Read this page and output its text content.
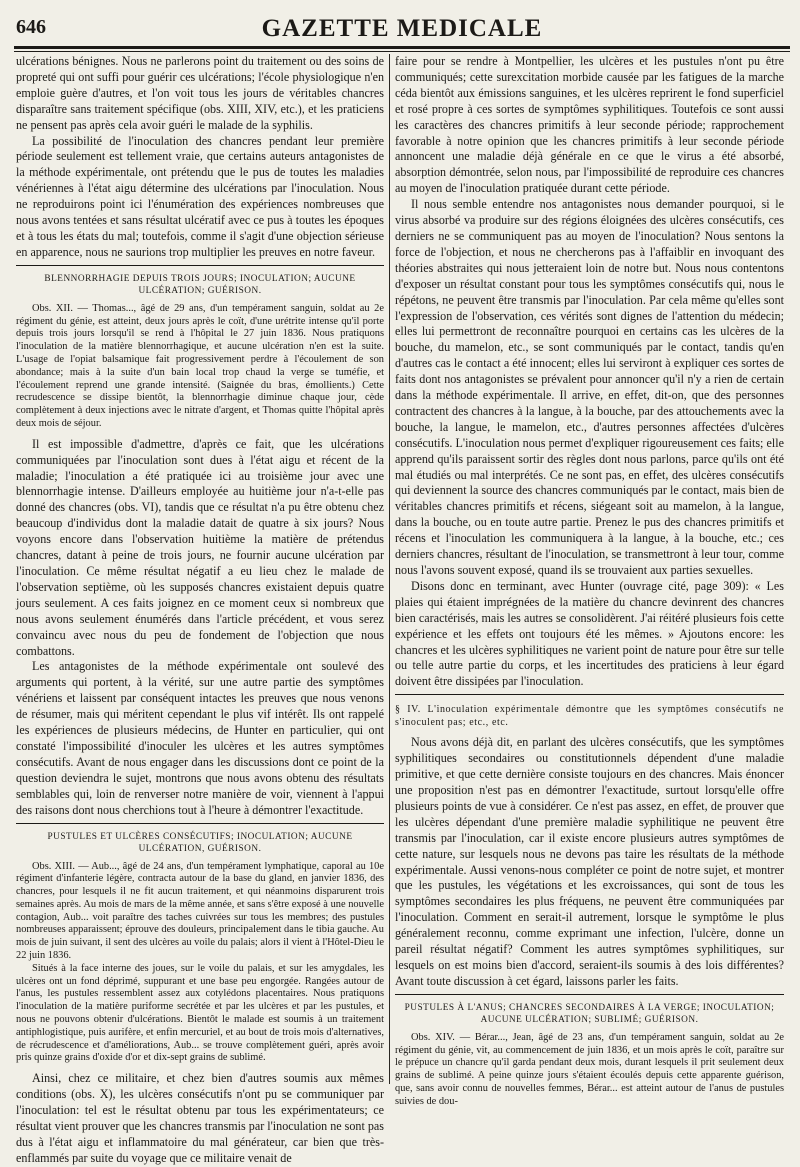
646	GAZETTE MEDICALE

ulcérations bénignes. Nous ne parlerons point du traitement ou des soins de propreté qui ont suffi pour guérir ces ulcérations; l'école physiologique n'en emploie guère d'autres, et l'on voit tous les jours de véritables chancres disparaître sans traitement spécifique (obs. XIII, XIV, etc.), et les praticiens ne pensent pas après cela avoir guéri le malade de la syphilis.

La possibilité de l'inoculation des chancres pendant leur première période seulement est tellement vraie, que certains auteurs antagonistes de la méthode expérimentale, ont prétendu que le pus de toutes les maladies vénériennes à l'état aigu détermine des ulcérations par l'inoculation. Nous ne reproduirons point ici l'énumération des expériences nombreuses que nous avons tentées et sans résultat ulcératif avec ce pus à toutes les époques et à tous les états du mal; toutefois, comme il s'agit d'une objection sérieuse en apparence, nous ne saurions trop multiplier les preuves en notre faveur.

BLENNORRHAGIE DEPUIS TROIS JOURS; INOCULATION; AUCUNE ULCÉRATION; GUÉRISON.

Obs. XII. — Thomas..., âgé de 29 ans, d'un tempérament sanguin, soldat au 2e régiment du génie, est atteint, deux jours après le coït, d'une urétrite intense qu'il porte depuis trois jours lorsqu'il se rend à l'hôpital le 27 juin 1836. Nous pratiquons l'inoculation de la matière blennorrhagique, et aucune ulcération n'en est la suite. L'usage de l'opiat balsamique fait progressivement perdre à l'écoulement de son abondance; mais à la suite d'un bain local trop chaud la verge se tuméfie, et l'écoulement reprend une grande intensité. (Saignée du bras, émollients.) Cette recrudescence se dissipe bientôt, la blennorrhagie diminue chaque jour, cède complètement à deux injections avec le nitrate d'argent, et Thomas quitte l'hôpital après deux mois de séjour.

Il est impossible d'admettre, d'après ce fait, que les ulcérations communiquées par l'inoculation sont dues à l'état aigu et récent de la maladie; l'inoculation a été pratiquée ici au troisième jour avec une blennorrhagie intense. D'ailleurs employée au huitième jour n'a-t-elle pas donné des chancres (obs. VI), tandis que ce résultat n'a pu être obtenu chez beaucoup d'individus dont la maladie datait de quatre à six jours? Nous voyons encore dans l'observation huitième la matière de prétendus chancres, datant à peine de trois jours, ne fournir aucune ulcération par l'inoculation. Ce même résultat négatif a eu lieu chez le malade de l'observation septième, où les supposés chancres existaient depuis quatre jours seulement. A ces faits joignez en ce moment ceux si nombreux que nous avons seulement énumérés dans l'article précédent, et vous serez convaincu avec nous du peu de fondement de l'objection que nous combattons.

Les antagonistes de la méthode expérimentale ont soulevé des arguments qui portent, à la vérité, sur une autre partie des symptômes vénériens et laissent par conséquent intactes les preuves que nous venons de résumer, mais qui méritent cependant le plus vif intérêt. Ils ont rappelé les expériences de plusieurs médecins, de Hunter en particulier, qui ont constaté l'impossibilité d'inoculer les ulcères et les autres symptômes consécutifs. Avant de nous engager dans les discussions dont ce point de la question deviendra le sujet, montrons que nous avons obtenu des résultats semblables qui, loin de renverser notre manière de voir, viennent à l'appui des raisons dont nous cherchions tout à l'heure à démontrer l'exactitude.

PUSTULES ET ULCÈRES CONSÉCUTIFS; INOCULATION; AUCUNE ULCÉRATION, GUÉRISON.

Obs. XIII. — Aub..., âgé de 24 ans, d'un tempérament lymphatique, caporal au 10e régiment d'infanterie légère, contracta autour de la base du gland, en janvier 1836, des chancres, pour lesquels il ne fit aucun traitement, et qui néanmoins disparurent trois semaines après. Au mois de mars de la même année, et sans s'être exposé à une nouvelle contagion, Aub... voit paraître des taches cuivrées sur tous les membres; des pustules nombreuses apparaissent; éprouve des douleurs, principalement dans le tibia gauche. Au mois de juin suivant, il sent des ulcères au voile du palais; alors il vient à l'Hôtel-Dieu le 22 juin 1836.

Situés à la face interne des joues, sur le voile du palais, et sur les amygdales, les ulcères ont un fond déprimé, suppurant et une base peu engorgée. Rangées autour de l'anus, les pustules ressemblent assez aux cotylédons placentaires. Nous pratiquons l'inoculation de la matière puriforme secrétée et par les ulcères et par les pustules, et nous ne pouvons obtenir d'ulcérations. Bientôt le malade est soumis à un traitement antiphlogistique, puis aurifère, et enfin mercuriel, et au bout de trois mois d'alternatives, de récrudescence et d'améliorations, Aub... se trouve complètement guéri, après avoir pris quinze grains d'oxide d'or et dix-sept grains de sublimé.

Ainsi, chez ce militaire, et chez bien d'autres soumis aux mêmes conditions (obs. X), les ulcères consécutifs n'ont pu se communiquer par l'inoculation: tel est le résultat obtenu par tous les expérimentateurs; ce résultat vient prouver que les chancres transmis par l'inoculation ne sont pas dus à l'état aigu et inflammatoire du mal générateur, car bien que très-enflammés par suite du voyage que ce militaire venait de

faire pour se rendre à Montpellier, les ulcères et les pustules n'ont pu être communiqués; cette surexcitation morbide causée par les fatigues de la marche céda bientôt aux émissions sanguines, et les ulcères reprirent le fond superficiel et rosé propre à ces sortes de symptômes syphilitiques. Toutefois ce sont aussi les caractères des chancres primitifs à leur seconde période; rapprochement favorable à notre opinion que les chancres primitifs à leur seconde période annoncent une maladie déjà générale en ce que le virus a été absorbé, absorption démontrée, selon nous, par l'impossibilité de reproduire ces chancres au moyen de l'inoculation pratiquée durant cette période.

Il nous semble entendre nos antagonistes nous demander pourquoi, si le virus absorbé va produire sur des régions éloignées des ulcères consécutifs, ces derniers ne se communiquent pas au moyen de l'inoculation? Nous sentons la force de l'objection, et nous ne chercherons pas à l'affaiblir en invoquant des théories abstraites qui nous jetteraient loin de notre but. Nous nous contentons d'exposer un résultat constant pour tous les symptômes consécutifs qui, nous le répétons, ne peuvent être transmis par l'inoculation. Par cela même qu'elles sont l'expression de l'observation, ces vérités sont dignes de l'attention du médecin; elles lui permettront de reconnaître pourquoi en certains cas les ulcères de la bouche, du mamelon, etc., se sont communiqués par le contact, tandis qu'en d'autres cas le contact a été innocent; elles lui serviront à expliquer ces sortes de faits dont nos antagonistes se prévalent pour annoncer qu'il n'y a rien de certain dans la méthode expérimentale. Il arrive, en effet, dit-on, que des personnes contractent des chancres à la langue, à la bouche, par des attouchements avec la bouche, la langue, le mamelon, etc., d'autres personnes affectées d'ulcères consécutifs. L'inoculation nous permet d'expliquer rigoureusement ces faits; elle apprend qu'ils paraissent sortir des règles dont nous parlons, parce qu'ils ont été mal étudiés ou mal interprétés. Ce ne sont pas, en effet, des ulcères consécutifs qui deviennent la source des chancres communiqués par le contact, mais bien de véritables chancres primitifs et récens, siégeant soit au mamelon, à la langue, dans la bouche, ou en toute autre partie. Prenez le pus des chancres primitifs et récens et l'inoculation les communiquera à la langue, à la bouche, etc.; ces derniers chancres, résultant de l'inoculation, se transmettront à leur tour, comme nous l'avons souvent exposé, quand ils se trouvaient aux parties sexuelles.

Disons donc en terminant, avec Hunter (ouvrage cité, page 309): « Les plaies qui étaient imprégnées de la matière du chancre devinrent des chancres bien caractérisés, mais les autres se consolidèrent. J'ai réitéré plusieurs fois cette expérience et les effets ont toujours été les mêmes. » Ajoutons encore: les chancres et les ulcères syphilitiques ne varient point de nature pour être sur telle ou telle autre partie du corps, et les incertitudes des praticiens à leur égard doivent être dissipées par l'inoculation.

§ IV. L'inoculation expérimentale démontre que les symptômes consécutifs ne s'inoculent pas; etc., etc.

Nous avons déjà dit, en parlant des ulcères consécutifs, que les symptômes syphilitiques secondaires ou constitutionnels dépendent d'une maladie primitive, et que cette dernière consiste toujours en des chancres. Mais énoncer une proposition n'est pas en démontrer l'exactitude, surtout lorsqu'elle offre plusieurs points de vue à considérer. Ce n'est pas assez, en effet, de prouver que les ulcères dépendant d'une première maladie syphilitique ne peuvent être transmis par l'inoculation, car il existe encore plusieurs autres symptômes de cette nature, sur lesquels nous ne devons pas taire les résultats de la méthode expérimentale. Aussi venons-nous compléter ce point de notre sujet, et montrer que les pustules, les végétations et les excroissances, qui sont de tous les symptômes secondaires les plus fréquens, ne peuvent être communiquées par l'inoculation. Comment en serait-il autrement, lorsque le symptôme le plus généralement reconnu, comme exprimant une infection, l'ulcère, donne un pareil résultat négatif? Comment les autres symptômes syphilitiques, sur lesquels on est moins bien d'accord, seraient-ils soumis à des lois différentes? Avant toute discussion à cet égard, laissons parler les faits.

PUSTULES À L'ANUS; CHANCRES SECONDAIRES À LA VERGE; INOCULATION; AUCUNE ULCÉRATION; SUBLIMÉ; GUÉRISON.

Obs. XIV. — Bérar..., Jean, âgé de 23 ans, d'un tempérament sanguin, soldat au 2e régiment du génie, vit, au commencement de juin 1836, et un mois après le coït, paraître sur le prépuce un chancre qu'il garda pendant deux mois, durant lesquels il prit seulement deux grains de sublimé. A peine quinze jours s'étaient écoulés depuis cette apparente guérison, que, sans avoir connu de nouvelles femmes, Bérar... est atteint autour de l'anus de pustules suivies de dou-
